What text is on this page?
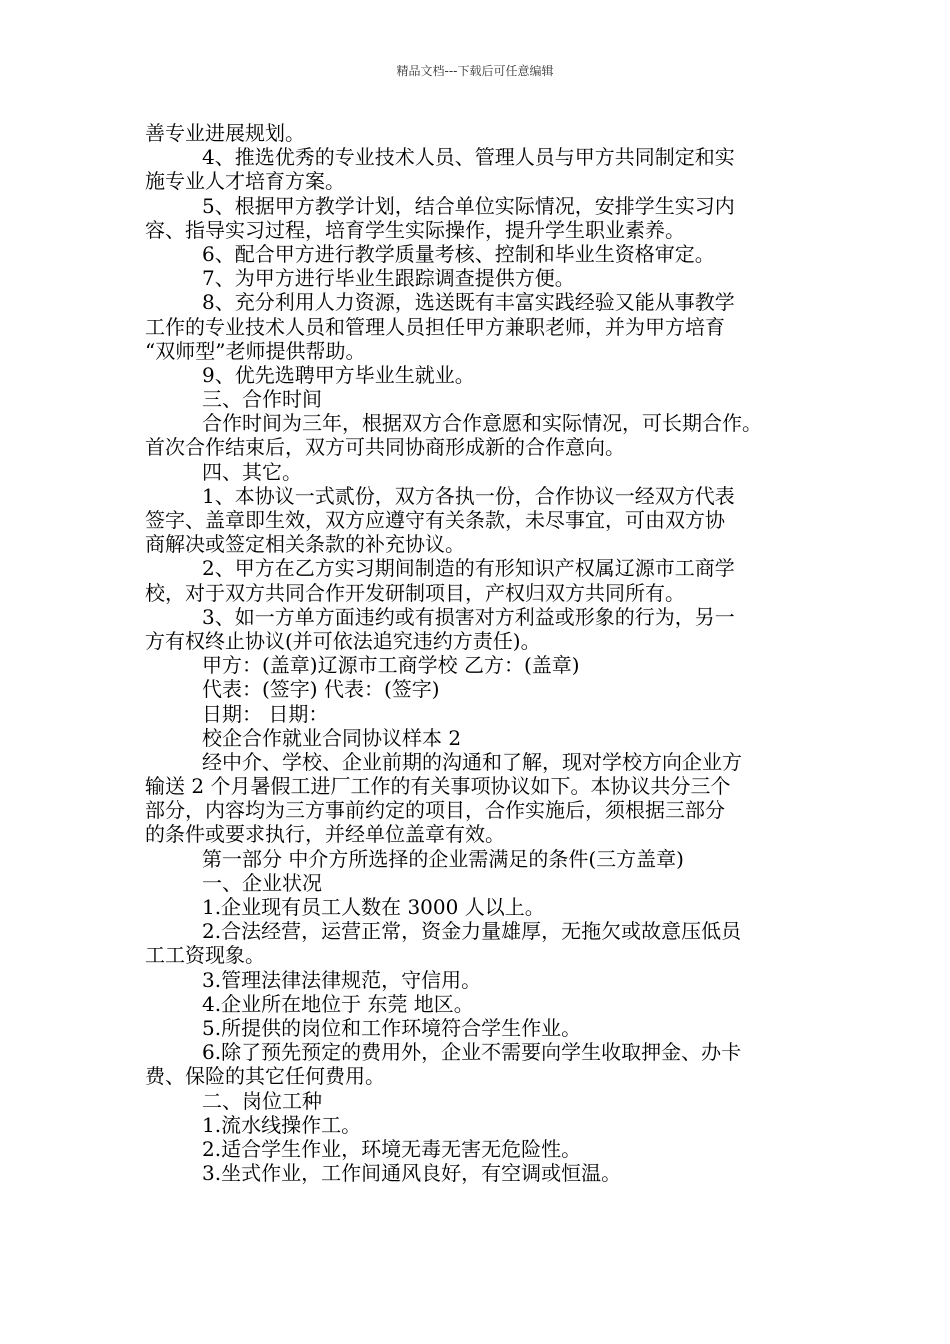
精品文档---下载后可任意编辑
善专业进展规划。
4、推选优秀的专业技术人员、管理人员与甲方共同制定和实
施专业人才培育方案。
5、根据甲方教学计划，结合单位实际情况，安排学生实习内
容、指导实习过程，培育学生实际操作，提升学生职业素养。
6、配合甲方进行教学质量考核、控制和毕业生资格审定。
7、为甲方进行毕业生跟踪调查提供方便。
8、充分利用人力资源，选送既有丰富实践经验又能从事教学
工作的专业技术人员和管理人员担任甲方兼职老师，并为甲方培育
“双师型”老师提供帮助。
9、优先选聘甲方毕业生就业。
三、合作时间
合作时间为三年，根据双方合作意愿和实际情况，可长期合作。
首次合作结束后，双方可共同协商形成新的合作意向。
四、其它。
1、本协议一式贰份，双方各执一份，合作协议一经双方代表
签字、盖章即生效，双方应遵守有关条款，未尽事宜，可由双方协
商解决或签定相关条款的补充协议。
2、甲方在乙方实习期间制造的有形知识产权属辽源市工商学
校，对于双方共同合作开发研制项目，产权归双方共同所有。
3、如一方单方面违约或有损害对方利益或形象的行为，另一
方有权终止协议(并可依法追究违约方责任)。
甲方：(盖章)辽源市工商学校 乙方：(盖章)
代表：(签字) 代表：(签字)
日期： 日期：
校企合作就业合同协议样本 2
经中介、学校、企业前期的沟通和了解，现对学校方向企业方
输送 2 个月暑假工进厂工作的有关事项协议如下。本协议共分三个
部分，内容均为三方事前约定的项目，合作实施后，须根据三部分
的条件或要求执行，并经单位盖章有效。
第一部分 中介方所选择的企业需满足的条件(三方盖章)
一、企业状况
1.企业现有员工人数在 3000 人以上。
2.合法经营，运营正常，资金力量雄厚，无拖欠或故意压低员
工工资现象。
3.管理法律法律规范，守信用。
4.企业所在地位于 东莞 地区。
5.所提供的岗位和工作环境符合学生作业。
6.除了预先预定的费用外，企业不需要向学生收取押金、办卡
费、保险的其它任何费用。
二、岗位工种
1.流水线操作工。
2.适合学生作业，环境无毒无害无危险性。
3.坐式作业，工作间通风良好，有空调或恒温。
